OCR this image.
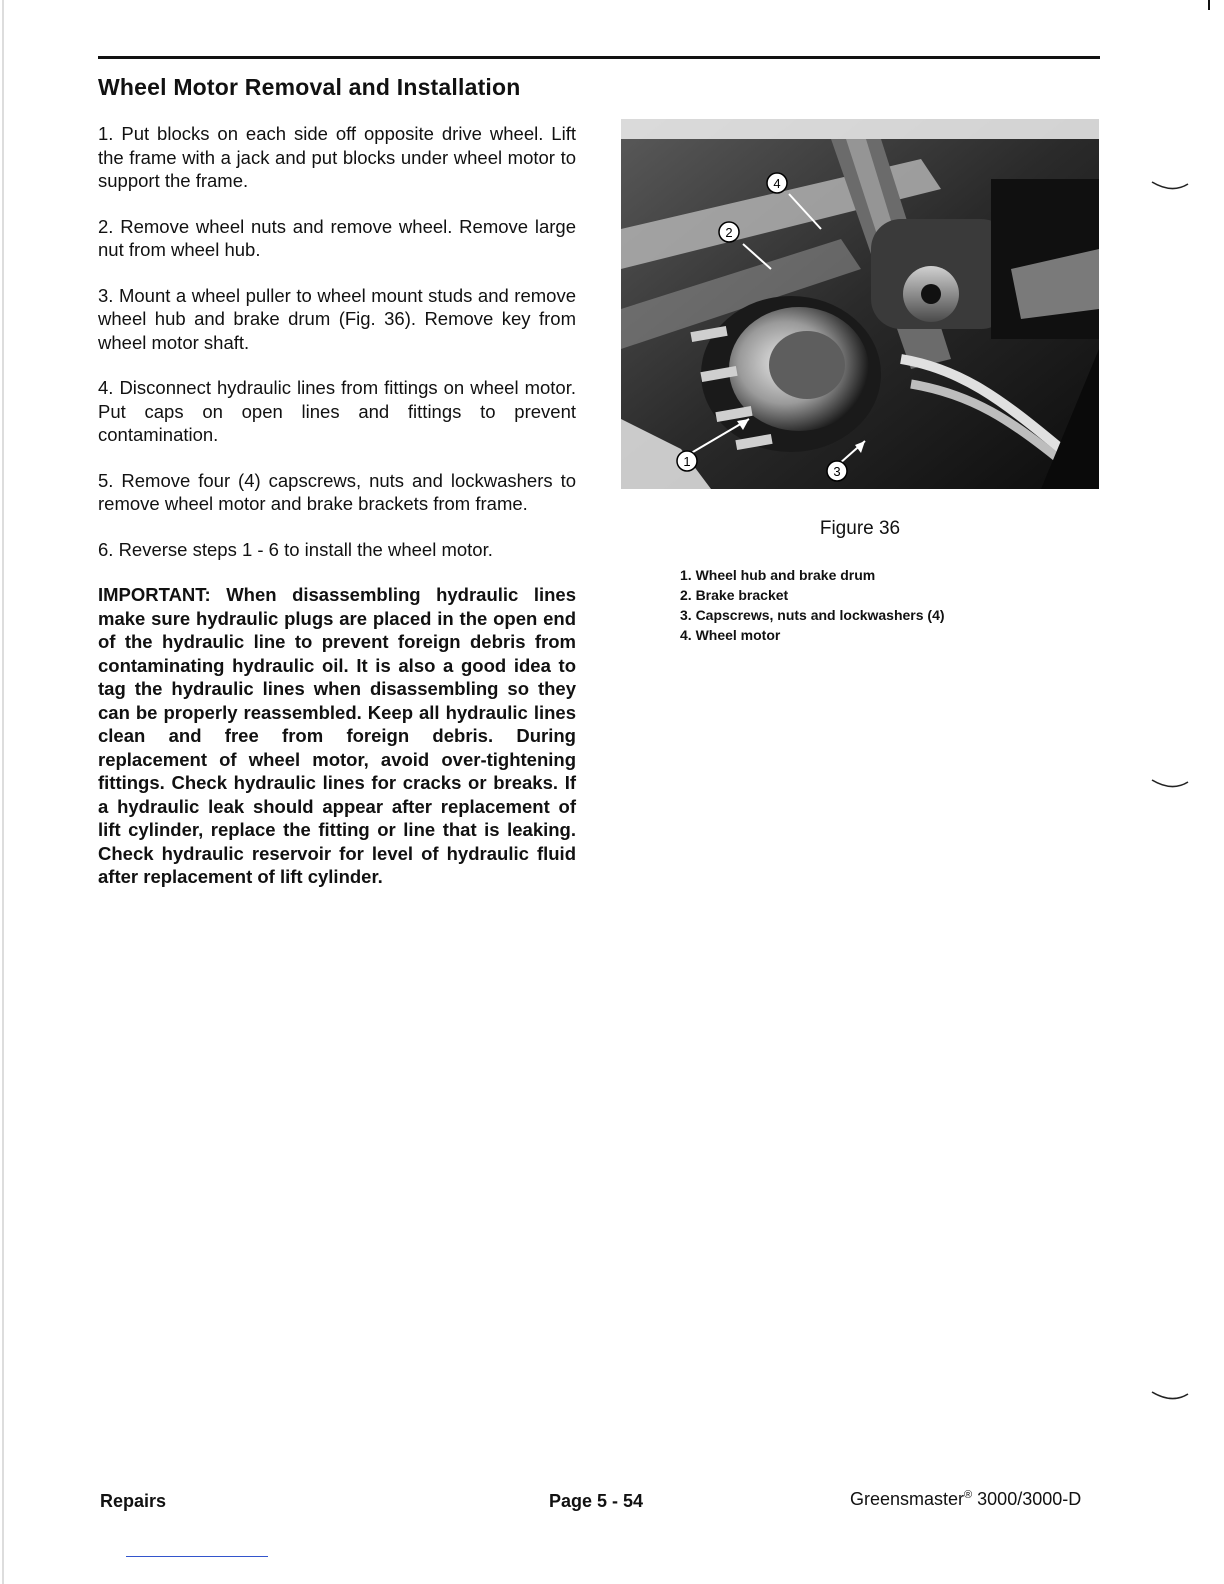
Wheel Motor Removal and Installation

1. Put blocks on each side off opposite drive wheel. Lift the frame with a jack and put blocks under wheel motor to support the frame.

2. Remove wheel nuts and remove wheel. Remove large nut from wheel hub.

3. Mount a wheel puller to wheel mount studs and remove wheel hub and brake drum (Fig. 36). Remove key from wheel motor shaft.

4. Disconnect hydraulic lines from fittings on wheel motor. Put caps on open lines and fittings to prevent contamination.

5. Remove four (4) capscrews, nuts and lockwashers to remove wheel motor and brake brackets from frame.

6. Reverse steps 1 - 6 to install the wheel motor.

IMPORTANT: When disassembling hydraulic lines make sure hydraulic plugs are placed in the open end of the hydraulic line to prevent foreign debris from contaminating hydraulic oil. It is also a good idea to tag the hydraulic lines when disassembling so they can be properly reassembled. Keep all hydraulic lines clean and free from foreign debris. During replacement of wheel motor, avoid over-tightening fittings. Check hydraulic lines for cracks or breaks. If a hydraulic leak should appear after replacement of lift cylinder, replace the fitting or line that is leaking. Check hydraulic reservoir for level of hydraulic fluid after replacement of lift cylinder.

1
2
3
4
Figure 36
1. Wheel hub and brake drum
2. Brake bracket
3. Capscrews, nuts and lockwashers (4)
4. Wheel motor
Repairs	Page 5 - 54	Greensmaster® 3000/3000-D
